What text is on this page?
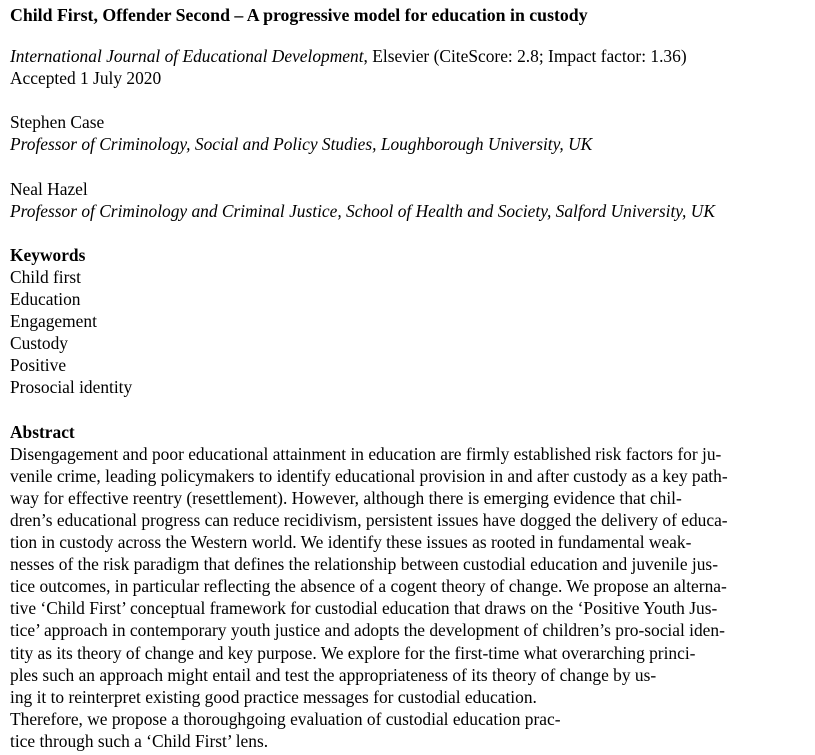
Child First, Offender Second – A progressive model for education in custody
International Journal of Educational Development, Elsevier (CiteScore: 2.8; Impact factor: 1.36)
Accepted 1 July 2020
Stephen Case
Professor of Criminology, Social and Policy Studies, Loughborough University, UK
Neal Hazel
Professor of Criminology and Criminal Justice, School of Health and Society, Salford University, UK
Keywords
Child first
Education
Engagement
Custody
Positive
Prosocial identity
Abstract
Disengagement and poor educational attainment in education are firmly established risk factors for ju-
venile crime, leading policymakers to identify educational provision in and after custody as a key path-
way for effective reentry (resettlement). However, although there is emerging evidence that chil-
dren’s educational progress can reduce recidivism, persistent issues have dogged the delivery of educa-
tion in custody across the Western world. We identify these issues as rooted in fundamental weak-
nesses of the risk paradigm that defines the relationship between custodial education and juvenile jus-
tice outcomes, in particular reflecting the absence of a cogent theory of change. We propose an alterna-
tive ‘Child First’ conceptual framework for custodial education that draws on the ‘Positive Youth Jus-
tice’ approach in contemporary youth justice and adopts the development of children’s pro-social iden-
tity as its theory of change and key purpose. We explore for the first-time what overarching princi-
ples such an approach might entail and test the appropriateness of its theory of change by us-
ing it to reinterpret existing good practice messages for custodial education.
Therefore, we propose a thoroughgoing evaluation of custodial education prac-
tice through such a ‘Child First’ lens.
